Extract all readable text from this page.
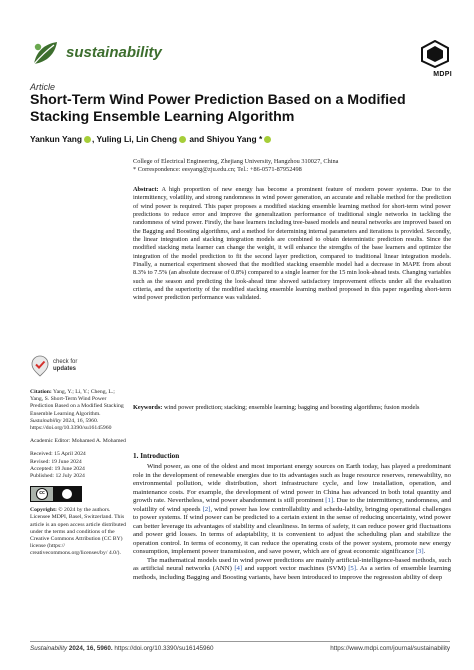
sustainability
MDPI
Article
Short-Term Wind Power Prediction Based on a Modified Stacking Ensemble Learning Algorithm
Yankun Yang , Yuling Li, Lin Cheng and Shiyou Yang *
College of Electrical Engineering, Zhejiang University, Hangzhou 310027, China
* Correspondence: eesyang@zju.edu.cn; Tel.: +86-0571-87952498
Abstract: A high proportion of new energy has become a prominent feature of modern power systems. Due to the intermittency, volatility, and strong randomness in wind power generation, an accurate and reliable method for the prediction of wind power is required. This paper proposes a modified stacking ensemble learning method for short-term wind power predictions to reduce error and improve the generalization performance of traditional single networks in tackling the randomness of wind power. Firstly, the base learners including tree-based models and neural networks are improved based on the Bagging and Boosting algorithms, and a method for determining internal parameters and iterations is provided. Secondly, the linear integration and stacking integration models are combined to obtain deterministic prediction results. Since the modified stacking meta learner can change the weight, it will enhance the strengths of the base learners and optimize the integration of the model prediction to fit the second layer prediction, compared to traditional linear integration models. Finally, a numerical experiment showed that the modified stacking ensemble model had a decrease in MAPE from about 8.3% to 7.5% (an absolute decrease of 0.8%) compared to a single learner for the 15 min look-ahead tests. Changing variables such as the season and predicting the look-ahead time showed satisfactory improvement effects under all the evaluation criteria, and the superiority of the modified stacking ensemble learning method proposed in this paper regarding short-term wind power prediction performance was validated.
Keywords: wind power prediction; stacking; ensemble learning; bagging and boosting algorithms; fusion models
1. Introduction

Wind power, as one of the oldest and most important energy sources on Earth today, has played a predominant role in the development of renewable energies due to its advantages such as huge resource reserves, renewability, no environmental pollution, wide distribution, short infrastructure cycle, and low installation, operation, and maintenance costs. For example, the development of wind power in China has advanced in both total quantity and growth rate. Nevertheless, wind power abandonment is still prominent [1]. Due to the intermittency, randomness, and volatility of wind speeds [2], wind power has low controllability and schedu-labilty, bringing operational challenges to power systems. If wind power can be predicted to a certain extent in the sense of reducing uncertainty, wind power can better leverage its advantages of stability and cleanliness. In terms of safety, it can reduce power grid fluctuations and power grid losses. In terms of adaptability, it is convenient to adjust the scheduling plan and stabilize the operation control. In terms of economy, it can reduce the operating costs of the power system, promote new energy consumption, implement power transmission, and save power, which are of great economic significance [3].

The mathematical models used in wind power predictions are mainly artificial-intelligence-based methods, such as artificial neural networks (ANN) [4] and support vector machines (SVM) [5]. As a series of ensemble learning methods, including Bagging and Boosting variants, have been introduced to improve the regression ability of deep

check for
updates
Citation: Yang, Y.; Li, Y.; Cheng, L.; Yang, S. Short-Term Wind Power Prediction Based on a Modified Stacking Ensemble Learning Algorithm. Sustainability 2024, 16, 5960. https://doi.org/10.3390/su16145960
Academic Editor: Mohamed A. Mohamed
Received: 15 April 2024
Revised: 19 June 2024
Accepted: 19 June 2024
Published: 12 July 2024
cc
Copyright: © 2024 by the authors. Licensee MDPI, Basel, Switzerland. This article is an open access article distributed under the terms and conditions of the Creative Commons Attribution (CC BY) license (https:// creativecommons.org/licenses/by/ 4.0/).
Sustainability 2024, 16, 5960. https://doi.org/10.3390/su16145960	https://www.mdpi.com/journal/sustainability
